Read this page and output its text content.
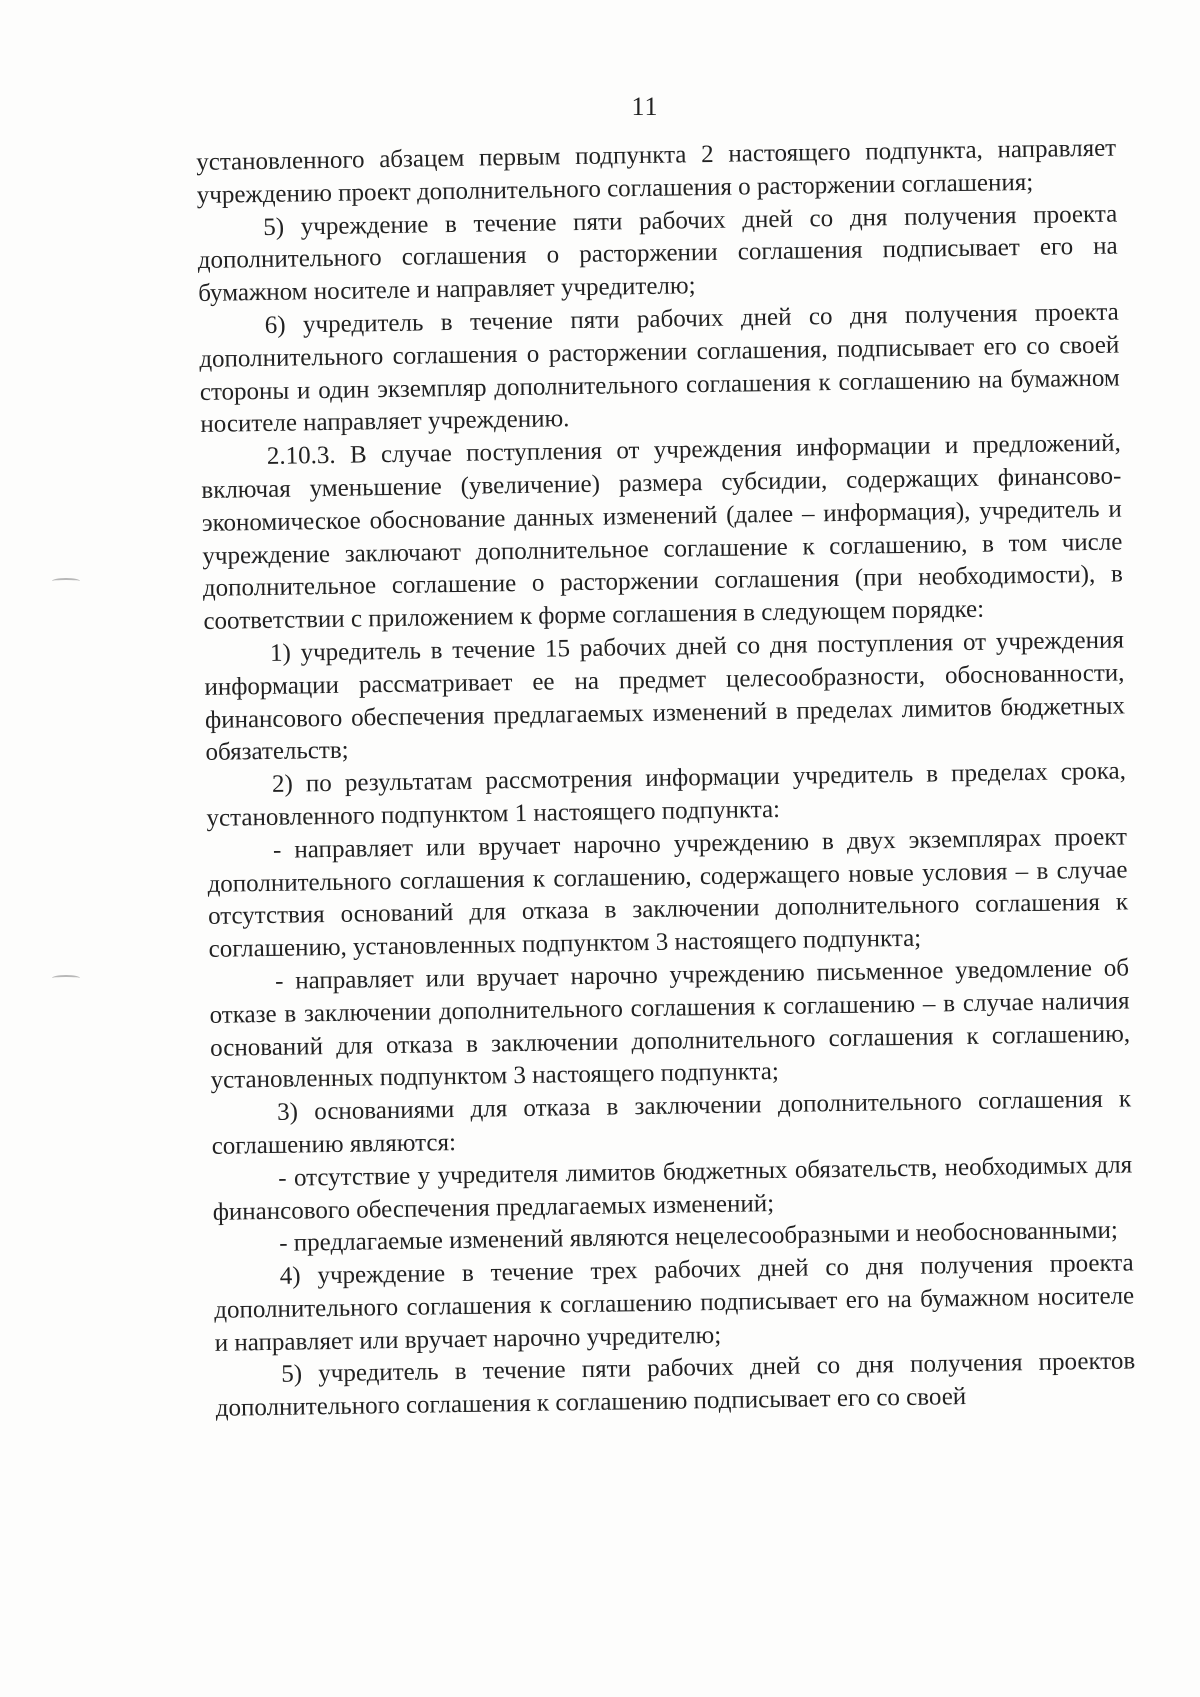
11

установленного абзацем первым подпункта 2 настоящего подпункта, направляет учреждению проект дополнительного соглашения о расторжении соглашения;

5) учреждение в течение пяти рабочих дней со дня получения проекта дополнительного соглашения о расторжении соглашения подписывает его на бумажном носителе и направляет учредителю;

6) учредитель в течение пяти рабочих дней со дня получения проекта дополнительного соглашения о расторжении соглашения, подписывает его со своей стороны и один экземпляр дополнительного соглашения к соглашению на бумажном носителе направляет учреждению.

2.10.3. В случае поступления от учреждения информации и предложений, включая уменьшение (увеличение) размера субсидии, содержащих финансово-экономическое обоснование данных изменений (далее – информация), учредитель и учреждение заключают дополнительное соглашение к соглашению, в том числе дополнительное соглашение о расторжении соглашения (при необходимости), в соответствии с приложением к форме соглашения в следующем порядке:

1) учредитель в течение 15 рабочих дней со дня поступления от учреждения информации рассматривает ее на предмет целесообразности, обоснованности, финансового обеспечения предлагаемых изменений в пределах лимитов бюджетных обязательств;

2) по результатам рассмотрения информации учредитель в пределах срока, установленного подпунктом 1 настоящего подпункта:

- направляет или вручает нарочно учреждению в двух экземплярах проект дополнительного соглашения к соглашению, содержащего новые условия – в случае отсутствия оснований для отказа в заключении дополнительного соглашения к соглашению, установленных подпунктом 3 настоящего подпункта;

- направляет или вручает нарочно учреждению письменное уведомление об отказе в заключении дополнительного соглашения к соглашению – в случае наличия оснований для отказа в заключении дополнительного соглашения к соглашению, установленных подпунктом 3 настоящего подпункта;

3) основаниями для отказа в заключении дополнительного соглашения к соглашению являются:

- отсутствие у учредителя лимитов бюджетных обязательств, необходимых для финансового обеспечения предлагаемых изменений;

- предлагаемые изменений являются нецелесообразными и необоснованными;

4) учреждение в течение трех рабочих дней со дня получения проекта дополнительного соглашения к соглашению подписывает его на бумажном носителе и направляет или вручает нарочно учредителю;

5) учредитель в течение пяти рабочих дней со дня получения проектов дополнительного соглашения к соглашению подписывает его со своей
